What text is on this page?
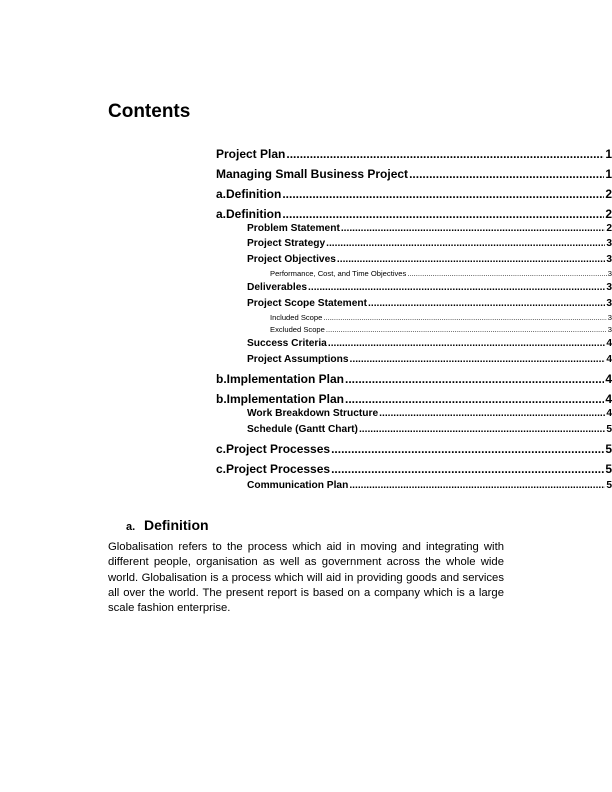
Contents
Project Plan .....	1
Managing Small Business Project .....	1
a.Definition .....	2
a.Definition .....	2
Problem Statement .....	2
Project Strategy .....	3
Project Objectives .....	3
Performance, Cost, and Time Objectives .....	3
Deliverables .....	3
Project Scope Statement .....	3
Included Scope .....	3
Excluded Scope .....	3
Success Criteria .....	4
Project Assumptions .....	4
b.Implementation Plan .....	4
b.Implementation Plan .....	4
Work Breakdown Structure .....	4
Schedule (Gantt Chart) .....	5
c.Project Processes .....	5
c.Project Processes .....	5
Communication Plan .....	5
a. Definition

Globalisation refers to the process which aid in moving and integrating with different people, organisation as well as government across the whole wide world. Globalisation is a process which will aid in providing goods and services all over the world. The present report is based on a company which is a large scale fashion enterprise.
